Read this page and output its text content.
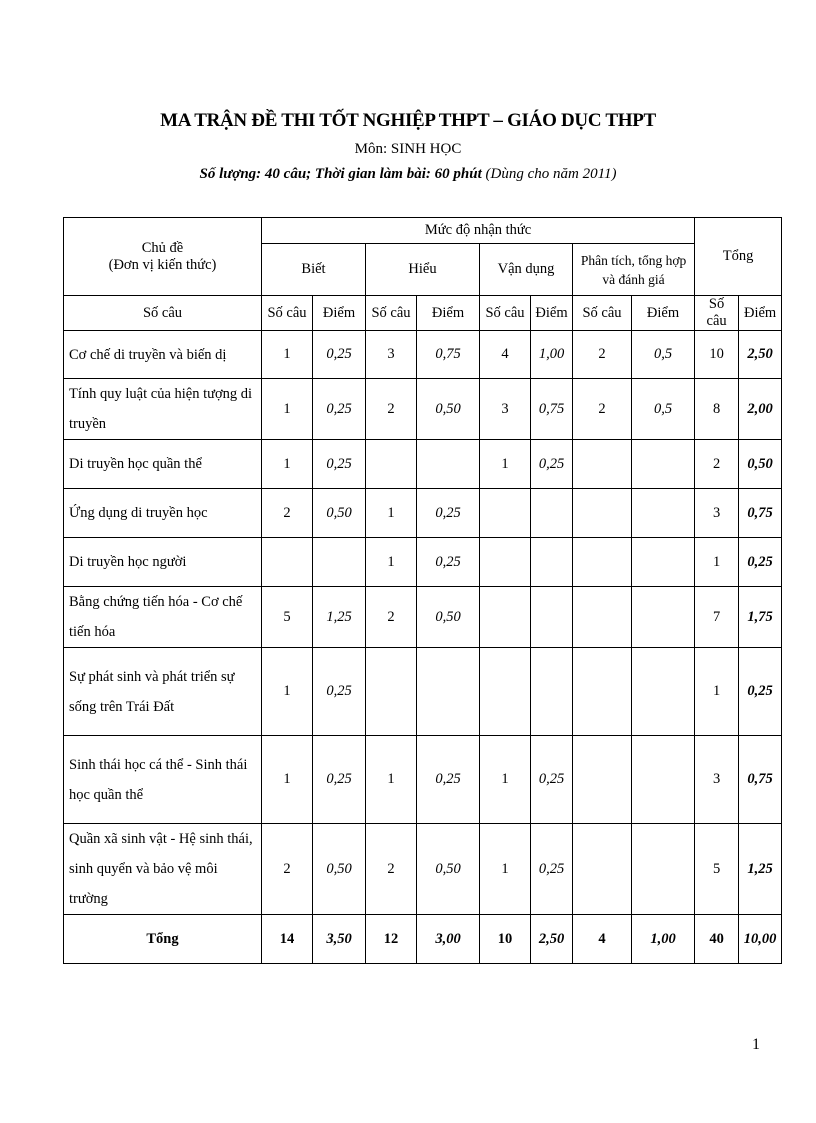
MA TRẬN ĐỀ THI TỐT NGHIỆP THPT – GIÁO DỤC THPT
Môn: SINH HỌC
Số lượng: 40 câu; Thời gian làm bài: 60 phút (Dùng cho năm 2011)
Chủ đề
(Đơn vị kiến thức)	Mức độ nhận thức								Tổng	
	Biết		Hiểu		Vận dụng		Phân tích, tổng hợp và đánh giá			
Số câu	Số câu	Điểm	Số câu	Điểm	Số câu	Điểm	Số câu	Điểm	Số câu	Điểm
Cơ chế di truyền và biến dị	1	0,25	3	0,75	4	1,00	2	0,5	10	2,50
Tính quy luật của hiện tượng di truyền	1	0,25	2	0,50	3	0,75	2	0,5	8	2,00
Di truyền học quần thể	1	0,25			1	0,25			2	0,50
Ứng dụng di truyền học	2	0,50	1	0,25					3	0,75
Di truyền học người			1	0,25					1	0,25
Bằng chứng tiến hóa - Cơ chế tiến hóa	5	1,25	2	0,50					7	1,75
Sự phát sinh và phát triển sự sống trên Trái Đất	1	0,25							1	0,25
Sinh thái học cá thể - Sinh thái học quần thể	1	0,25	1	0,25	1	0,25			3	0,75
Quần xã sinh vật - Hệ sinh thái, sinh quyển và bảo vệ môi trường	2	0,50	2	0,50	1	0,25			5	1,25
Tổng	14	3,50	12	3,00	10	2,50	4	1,00	40	10,00
1
